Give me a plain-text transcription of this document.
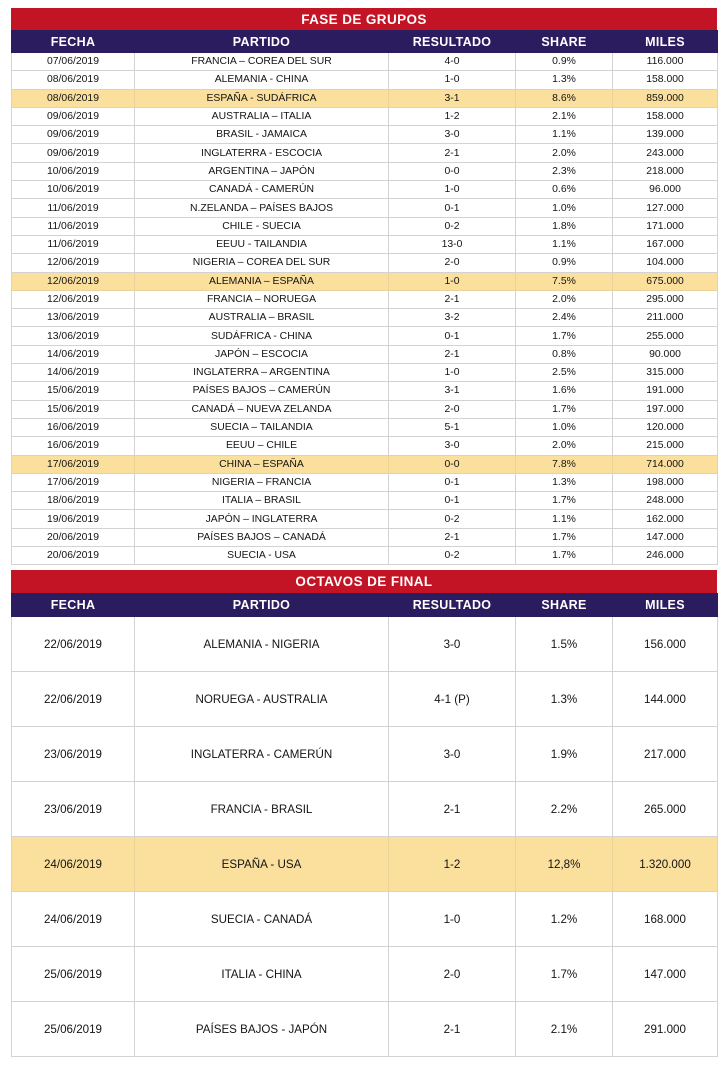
FASE DE GRUPOS
FECHA	PARTIDO	RESULTADO	SHARE	MILES
07/06/2019	FRANCIA – COREA DEL SUR	4-0	0.9%	116.000
08/06/2019	ALEMANIA - CHINA	1-0	1.3%	158.000
08/06/2019	ESPAÑA - SUDÁFRICA	3-1	8.6%	859.000
09/06/2019	AUSTRALIA – ITALIA	1-2	2.1%	158.000
09/06/2019	BRASIL - JAMAICA	3-0	1.1%	139.000
09/06/2019	INGLATERRA - ESCOCIA	2-1	2.0%	243.000
10/06/2019	ARGENTINA – JAPÓN	0-0	2.3%	218.000
10/06/2019	CANADÁ - CAMERÚN	1-0	0.6%	96.000
11/06/2019	N.ZELANDA – PAÍSES BAJOS	0-1	1.0%	127.000
11/06/2019	CHILE - SUECIA	0-2	1.8%	171.000
11/06/2019	EEUU - TAILANDIA	13-0	1.1%	167.000
12/06/2019	NIGERIA – COREA DEL SUR	2-0	0.9%	104.000
12/06/2019	ALEMANIA – ESPAÑA	1-0	7.5%	675.000
12/06/2019	FRANCIA – NORUEGA	2-1	2.0%	295.000
13/06/2019	AUSTRALIA – BRASIL	3-2	2.4%	211.000
13/06/2019	SUDÁFRICA - CHINA	0-1	1.7%	255.000
14/06/2019	JAPÓN – ESCOCIA	2-1	0.8%	90.000
14/06/2019	INGLATERRA – ARGENTINA	1-0	2.5%	315.000
15/06/2019	PAÍSES BAJOS – CAMERÚN	3-1	1.6%	191.000
15/06/2019	CANADÁ – NUEVA ZELANDA	2-0	1.7%	197.000
16/06/2019	SUECIA – TAILANDIA	5-1	1.0%	120.000
16/06/2019	EEUU – CHILE	3-0	2.0%	215.000
17/06/2019	CHINA – ESPAÑA	0-0	7.8%	714.000
17/06/2019	NIGERIA – FRANCIA	0-1	1.3%	198.000
18/06/2019	ITALIA – BRASIL	0-1	1.7%	248.000
19/06/2019	JAPÓN – INGLATERRA	0-2	1.1%	162.000
20/06/2019	PAÍSES BAJOS – CANADÁ	2-1	1.7%	147.000
20/06/2019	SUECIA - USA	0-2	1.7%	246.000
OCTAVOS DE FINAL
FECHA	PARTIDO	RESULTADO	SHARE	MILES
22/06/2019	ALEMANIA - NIGERIA	3-0	1.5%	156.000
22/06/2019	NORUEGA - AUSTRALIA	4-1 (P)	1.3%	144.000
23/06/2019	INGLATERRA - CAMERÚN	3-0	1.9%	217.000
23/06/2019	FRANCIA - BRASIL	2-1	2.2%	265.000
24/06/2019	ESPAÑA - USA	1-2	12,8%	1.320.000
24/06/2019	SUECIA - CANADÁ	1-0	1.2%	168.000
25/06/2019	ITALIA - CHINA	2-0	1.7%	147.000
25/06/2019	PAÍSES BAJOS - JAPÓN	2-1	2.1%	291.000
